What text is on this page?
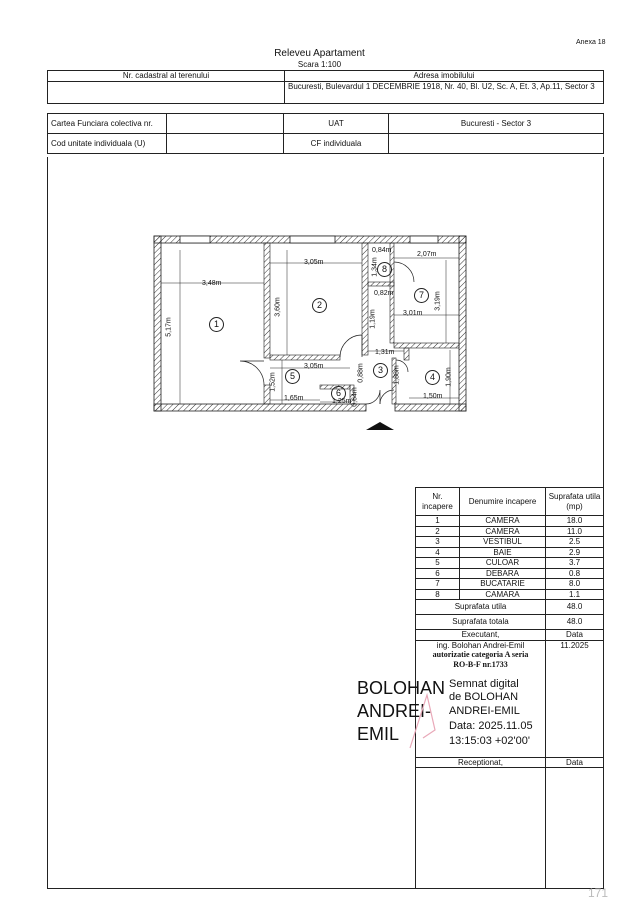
Anexa 18
Releveu Apartament
Scara 1:100
Nr. cadastral al terenului	Adresa imobilului
	Bucuresti, Bulevardul 1 DECEMBRIE 1918, Nr. 40, Bl. U2, Sc. A, Et. 3, Ap.11, Sector 3
Cartea Funciara colectiva nr.		UAT	Bucuresti - Sector 3
Cod unitate individuala (U)		CF individuala	
3,48m
3,05m
2,07m
5,17m
3,60m	3,19m
3,01m
1,31m
3,05m
1,52m
1,65m	1,25m
1,50m
1,90m
0,84m
1,34m
0,82m
1,19m
0,88m	1,88m
0,64m
1
2
3
4
5
6
7
8
Nr. incapere	Denumire incapere	Suprafata utila (mp)
1	CAMERA	18.0
2	CAMERA	11.0
3	VESTIBUL	2.5
4	BAIE	2.9
5	CULOAR	3.7
6	DEBARA	0.8
7	BUCATARIE	8.0
8	CAMARA	1.1
Suprafata utila		48.0
Suprafata totala		48.0
Executant,		Data

ing. Bolohan Andrei-Emil
autorizatie categoria A seria
RO-B-F nr.1733		11.2025
Receptionat,		Data

BOLOHAN
ANDREI-
EMIL
Semnat digital
de BOLOHAN
ANDREI-EMIL
Data: 2025.11.05
13:15:03 +02'00'
171
